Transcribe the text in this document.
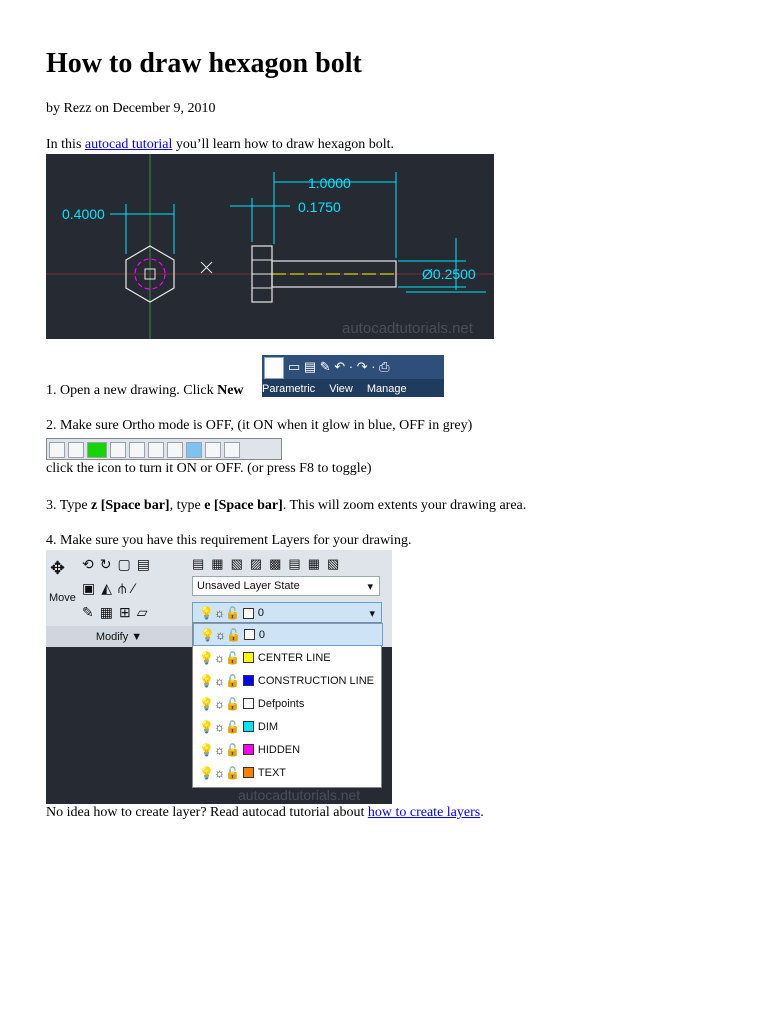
How to draw hexagon bolt

by Rezz on December 9, 2010

In this autocad tutorial you’ll learn how to draw hexagon bolt.

0.4000
1.0000
0.1750
Ø0.2500
autocadtutorials.net
▭ ▤ ✎ ↶ · ↷ · ⎙
Parametric View Manage

1. Open a new drawing. Click New

2. Make sure Ortho mode is OFF, (it ON when it glow in blue, OFF in grey)

click the icon to turn it ON or OFF. (or press F8 to toggle)

3. Type z [Space bar], type e [Space bar]. This will zoom extents your drawing area.

4. Make sure you have this requirement Layers for your drawing.

✥
Move
⟲↻▢▤
▣◭⫛⁄
✎▦⊞▱
▤▦▧▨▩▤▦▧
Modify ▼
Unsaved Layer State	▾
💡☼🔓 0	▾
💡☼🔓 0
💡☼🔓 CENTER LINE
💡☼🔓 CONSTRUCTION LINE
💡☼🔓 Defpoints
💡☼🔓 DIM
💡☼🔓 HIDDEN
💡☼🔓 TEXT
autocadtutorials.net

No idea how to create layer? Read autocad tutorial about how to create layers.
